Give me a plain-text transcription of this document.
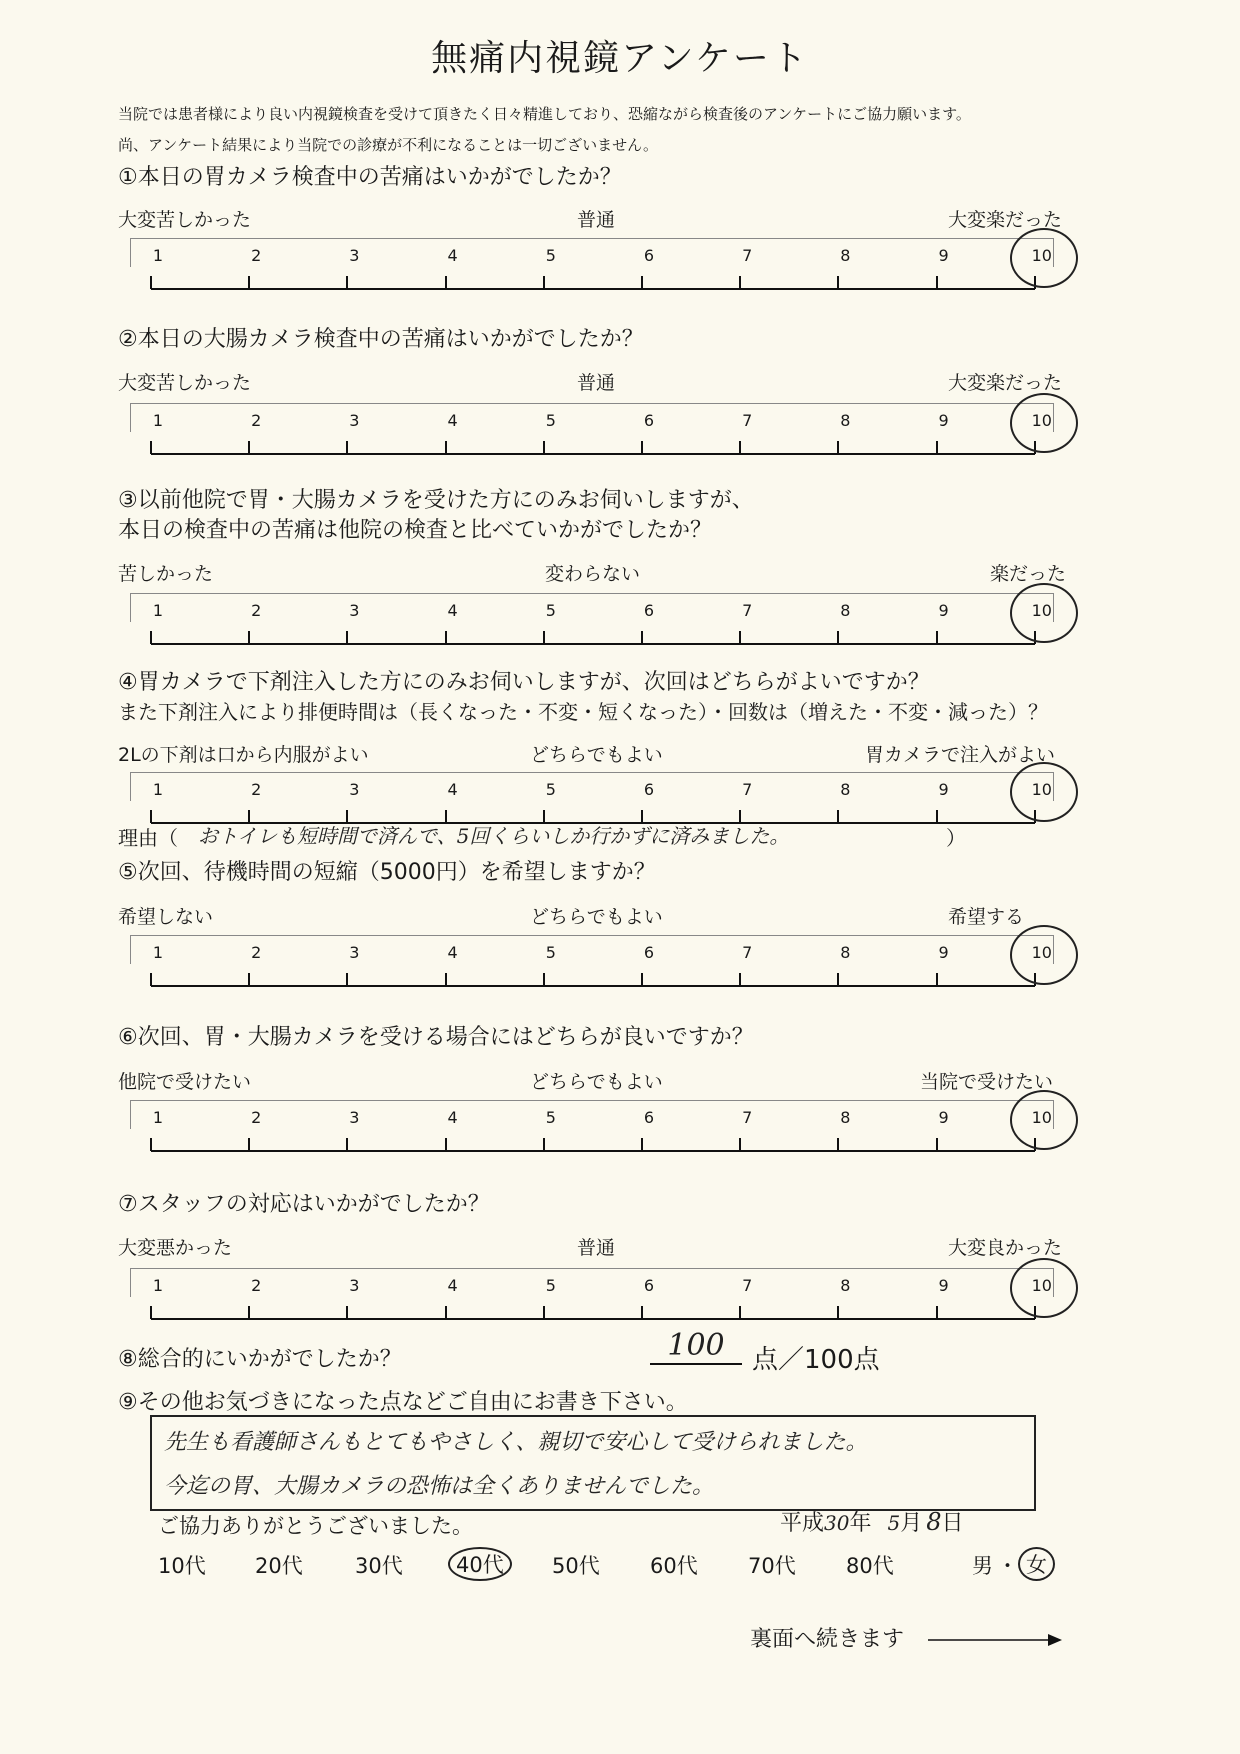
無痛内視鏡アンケート
当院では患者様により良い内視鏡検査を受けて頂きたく日々精進しており、恐縮ながら検査後のアンケートにご協力願います。
尚、アンケート結果により当院での診療が不利になることは一切ございません。
①本日の胃カメラ検査中の苦痛はいかがでしたか？
大変苦しかった	普通	大変楽だった
1	2	3	4	5	6	7	8	9	10
②本日の大腸カメラ検査中の苦痛はいかがでしたか？
大変苦しかった	普通	大変楽だった
1	2	3	4	5	6	7	8	9	10
③以前他院で胃・大腸カメラを受けた方にのみお伺いしますが、
本日の検査中の苦痛は他院の検査と比べていかがでしたか？
苦しかった	変わらない	楽だった
1	2	3	4	5	6	7	8	9	10
④胃カメラで下剤注入した方にのみお伺いしますが、次回はどちらがよいですか？
また下剤注入により排便時間は（長くなった・不変・短くなった）・回数は（増えた・不変・減った）？
2Lの下剤は口から内服がよい	どちらでもよい	胃カメラで注入がよい
1	2	3	4	5	6	7	8	9	10
理由（ おトイレも短時間で済んで、5回くらいしか行かずに済みました。	）
⑤次回、待機時間の短縮（5000円）を希望しますか？
希望しない	どちらでもよい	希望する
1	2	3	4	5	6	7	8	9	10
⑥次回、胃・大腸カメラを受ける場合にはどちらが良いですか？
他院で受けたい	どちらでもよい	当院で受けたい
1	2	3	4	5	6	7	8	9	10
⑦スタッフの対応はいかがでしたか？
大変悪かった	普通	大変良かった
1	2	3	4	5	6	7	8	9	10
⑧総合的にいかがでしたか？	100	点／100点
⑨その他お気づきになった点などご自由にお書き下さい。
先生も看護師さんもとてもやさしく、親切で安心して受けられました。
今迄の胃、大腸カメラの恐怖は全くありませんでした。
ご協力ありがとうございました。	平成30年 5月 8日
10代 20代 30代	40代	50代 60代 70代 80代	男 ・ 女
裏面へ続きます
